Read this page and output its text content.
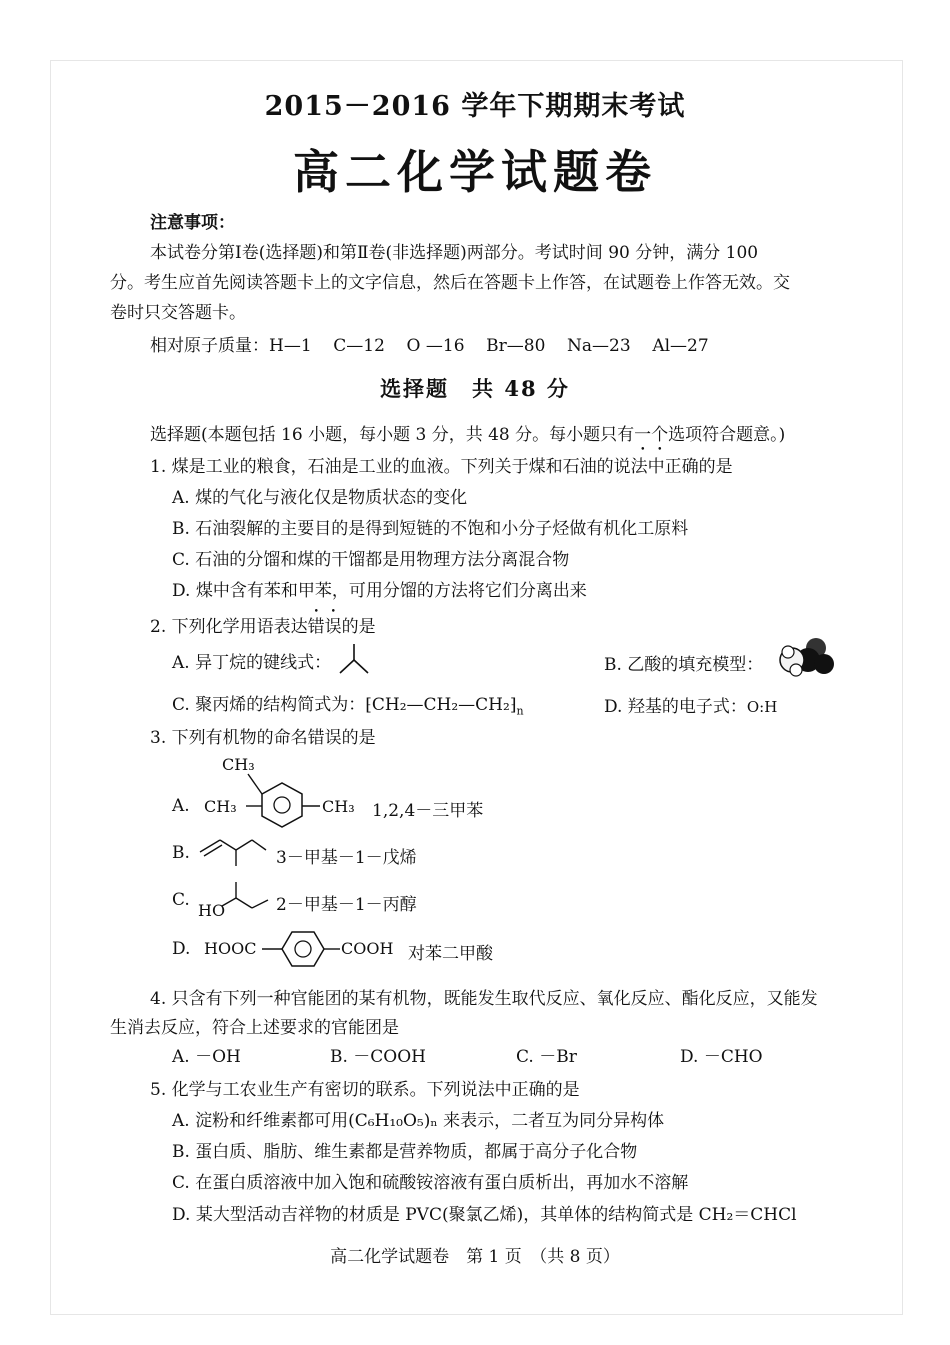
2015－2016 学年下期期末考试
高二化学试题卷
注意事项：
本试卷分第Ⅰ卷(选择题)和第Ⅱ卷(非选择题)两部分。考试时间 90 分钟，满分 100
分。考生应首先阅读答题卡上的文字信息，然后在答题卡上作答，在试题卷上作答无效。交
卷时只交答题卡。
相对原子质量：H—1 C—12 O —16 Br—80 Na—23 Al—27
选择题　共 48 分
选择题(本题包括 16 小题，每小题 3 分，共 48 分。每小题只有一个选项符合题意。)
1. 煤是工业的粮食，石油是工业的血液。下列关于煤和石油的说法中正确的是
A. 煤的气化与液化仅是物质状态的变化
B. 石油裂解的主要目的是得到短链的不饱和小分子烃做有机化工原料
C. 石油的分馏和煤的干馏都是用物理方法分离混合物
D. 煤中含有苯和甲苯，可用分馏的方法将它们分离出来
2. 下列化学用语表达错误的是
A. 异丁烷的键线式：	B. 乙酸的填充模型：
C. 聚丙烯的结构简式为：$⁅CH_2—CH_2—CH_2⁆_n$	D. 羟基的电子式：O:H
3. 下列有机物的命名错误的是
A.
CH₃
CH₃	CH₃ 1,2,4－三甲苯
B.	3－甲基－1－戊烯
C.
HO	2－甲基－1－丙醇
D. HOOC	COOH 对苯二甲酸
4. 只含有下列一种官能团的某有机物，既能发生取代反应、氧化反应、酯化反应，又能发
生消去反应，符合上述要求的官能团是
A. －OH	B. －COOH	C. －Br	D. －CHO
5. 化学与工农业生产有密切的联系。下列说法中正确的是
A. 淀粉和纤维素都可用(C₆H₁₀O₅)ₙ 来表示，二者互为同分异构体
B. 蛋白质、脂肪、维生素都是营养物质，都属于高分子化合物
C. 在蛋白质溶液中加入饱和硫酸铵溶液有蛋白质析出，再加水不溶解
D. 某大型活动吉祥物的材质是 PVC(聚氯乙烯)，其单体的结构简式是 CH₂＝CHCl
高二化学试题卷　第 1 页　（共 8 页）
